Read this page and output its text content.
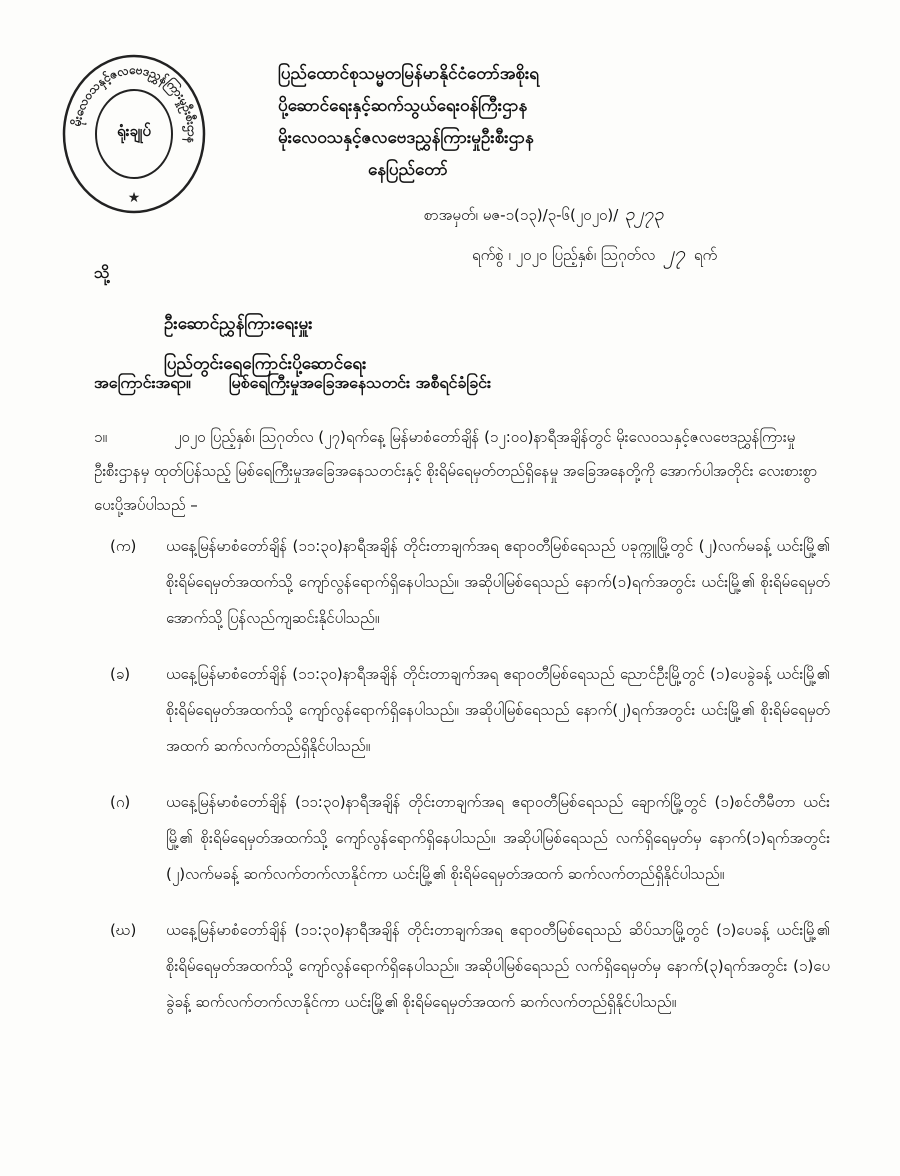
မိုးလေဝသနှင့်ဇလဗေဒညွှန်ကြားမှုဦးစီးဌာန
★
ရုံးချုပ်
ပြည်ထောင်စုသမ္မတမြန်မာနိုင်ငံတော်အစိုးရ
ပို့ဆောင်ရေးနှင့်ဆက်သွယ်ရေးဝန်ကြီးဌာန
မိုးလေဝသနှင့်ဇလဗေဒညွှန်ကြားမှုဦးစီးဌာန
နေပြည်တော်
စာအမှတ်၊ မဇ-၁(၁၃)/၃-၆(၂၀၂၀)/ ၃၂၇၃
ရက်စွဲ ၊ ၂၀၂၀ ပြည့်နှစ်၊ ဩဂုတ်လ ၂၇ ရက်
သို့
ဦးဆောင်ညွှန်ကြားရေးမှူး
ပြည်တွင်းရေကြောင်းပို့ဆောင်ရေး
အကြောင်းအရာ။ မြစ်ရေကြီးမှုအခြေအနေသတင်း အစီရင်ခံခြင်း
၁။	၂၀၂၀ ပြည့်နှစ်၊ ဩဂုတ်လ (၂၇)ရက်နေ့ မြန်မာစံတော်ချိန် (၁၂:၀၀)နာရီအချိန်တွင် မိုးလေဝသနှင့်ဇလဗေဒညွှန်ကြားမှုဦးစီးဌာနမှ ထုတ်ပြန်သည့် မြစ်ရေကြီးမှုအခြေအနေသတင်းနှင့် စိုးရိမ်ရေမှတ်တည်ရှိနေမှု အခြေအနေတို့ကို အောက်ပါအတိုင်း လေးစားစွာ ပေးပို့အပ်ပါသည် –
(က)	ယနေ့မြန်မာစံတော်ချိန် (၁၁:၃၀)နာရီအချိန် တိုင်းတာချက်အရ ဧရာဝတီမြစ်ရေသည် ပခုက္ကူမြို့တွင် (၂)လက်မခန့် ယင်းမြို့၏ စိုးရိမ်ရေမှတ်အထက်သို့ ကျော်လွန်ရောက်ရှိနေပါသည်။ အဆိုပါမြစ်ရေသည် နောက်(၁)ရက်အတွင်း ယင်းမြို့၏ စိုးရိမ်ရေမှတ်အောက်သို့ ပြန်လည်ကျဆင်းနိုင်ပါသည်။
(ခ)	ယနေ့မြန်မာစံတော်ချိန် (၁၁:၃၀)နာရီအချိန် တိုင်းတာချက်အရ ဧရာဝတီမြစ်ရေသည် ညောင်ဦးမြို့တွင် (၁)ပေခွဲခန့် ယင်းမြို့၏ စိုးရိမ်ရေမှတ်အထက်သို့ ကျော်လွန်ရောက်ရှိနေပါသည်။ အဆိုပါမြစ်ရေသည် နောက်(၂)ရက်အတွင်း ယင်းမြို့၏ စိုးရိမ်ရေမှတ်အထက် ဆက်လက်တည်ရှိနိုင်ပါသည်။
(ဂ)	ယနေ့မြန်မာစံတော်ချိန် (၁၁:၃၀)နာရီအချိန် တိုင်းတာချက်အရ ဧရာဝတီမြစ်ရေသည် ချောက်မြို့တွင် (၁)စင်တီမီတာ ယင်းမြို့၏ စိုးရိမ်ရေမှတ်အထက်သို့ ကျော်လွန်ရောက်ရှိနေပါသည်။ အဆိုပါမြစ်ရေသည် လက်ရှိရေမှတ်မှ နောက်(၁)ရက်အတွင်း (၂)လက်မခန့် ဆက်လက်တက်လာနိုင်ကာ ယင်းမြို့၏ စိုးရိမ်ရေမှတ်အထက် ဆက်လက်တည်ရှိနိုင်ပါသည်။
(ဃ)	ယနေ့မြန်မာစံတော်ချိန် (၁၁:၃၀)နာရီအချိန် တိုင်းတာချက်အရ ဧရာဝတီမြစ်ရေသည် ဆိပ်သာမြို့တွင် (၁)ပေခန့် ယင်းမြို့၏ စိုးရိမ်ရေမှတ်အထက်သို့ ကျော်လွန်ရောက်ရှိနေပါသည်။ အဆိုပါမြစ်ရေသည် လက်ရှိရေမှတ်မှ နောက်(၃)ရက်အတွင်း (၁)ပေခွဲခန့် ဆက်လက်တက်လာနိုင်ကာ ယင်းမြို့၏ စိုးရိမ်ရေမှတ်အထက် ဆက်လက်တည်ရှိနိုင်ပါသည်။
